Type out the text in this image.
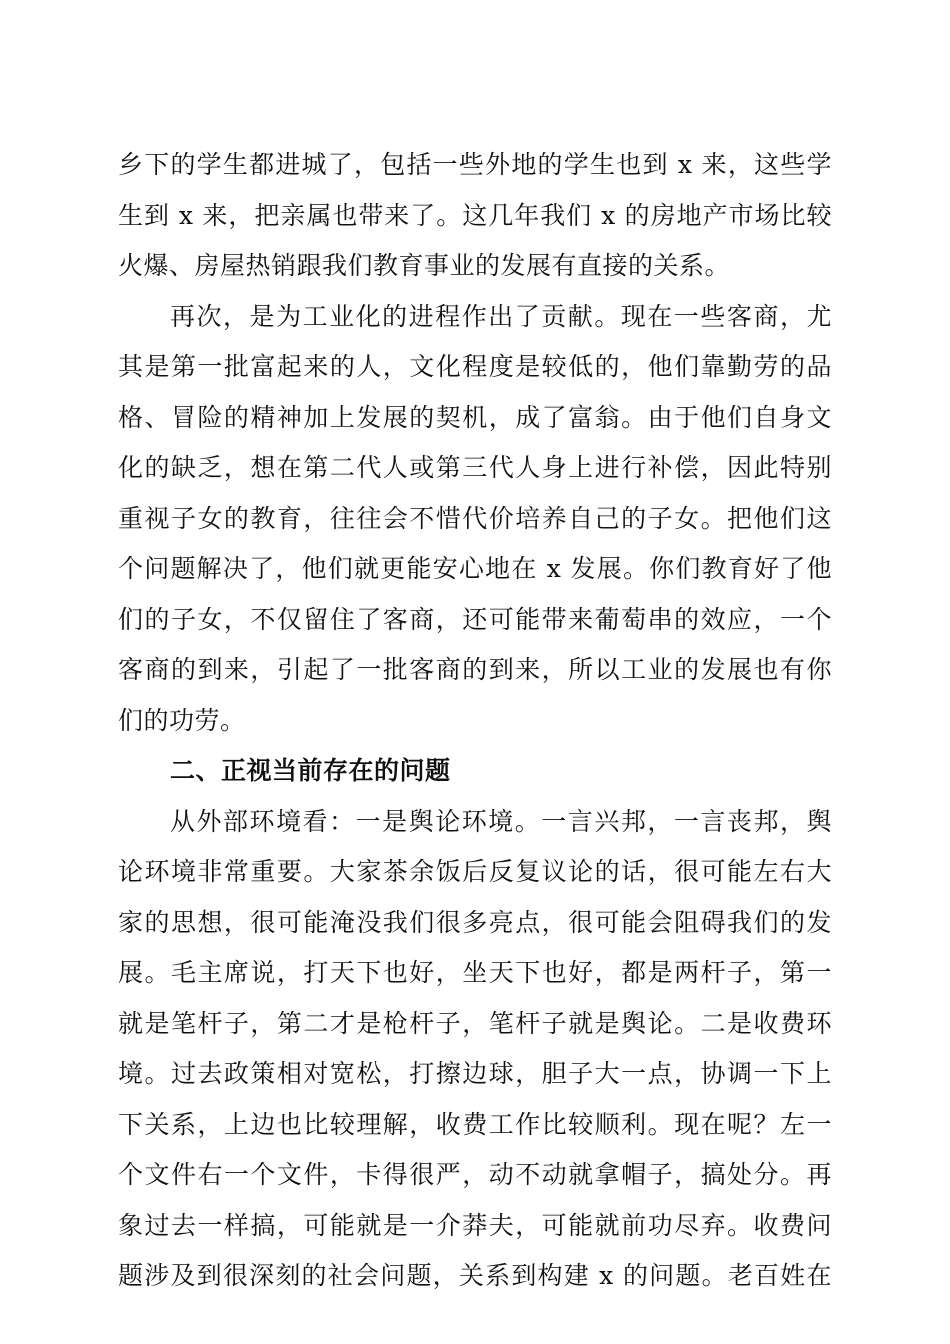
乡下的学生都进城了，包括一些外地的学生也到 x 来，这些学
生到 x 来，把亲属也带来了。这几年我们 x 的房地产市场比较
火爆、房屋热销跟我们教育事业的发展有直接的关系。
再次，是为工业化的进程作出了贡献。现在一些客商，尤
其是第一批富起来的人，文化程度是较低的，他们靠勤劳的品
格、冒险的精神加上发展的契机，成了富翁。由于他们自身文
化的缺乏，想在第二代人或第三代人身上进行补偿，因此特别
重视子女的教育，往往会不惜代价培养自己的子女。把他们这
个问题解决了，他们就更能安心地在 x 发展。你们教育好了他
们的子女，不仅留住了客商，还可能带来葡萄串的效应，一个
客商的到来，引起了一批客商的到来，所以工业的发展也有你
们的功劳。
二、正视当前存在的问题
从外部环境看：一是舆论环境。一言兴邦，一言丧邦，舆
论环境非常重要。大家茶余饭后反复议论的话，很可能左右大
家的思想，很可能淹没我们很多亮点，很可能会阻碍我们的发
展。毛主席说，打天下也好，坐天下也好，都是两杆子，第一
就是笔杆子，第二才是枪杆子，笔杆子就是舆论。二是收费环
境。过去政策相对宽松，打擦边球，胆子大一点，协调一下上
下关系，上边也比较理解，收费工作比较顺利。现在呢？左一
个文件右一个文件，卡得很严，动不动就拿帽子，搞处分。再
象过去一样搞，可能就是一介莽夫，可能就前功尽弃。收费问
题涉及到很深刻的社会问题，关系到构建 x 的问题。老百姓在
